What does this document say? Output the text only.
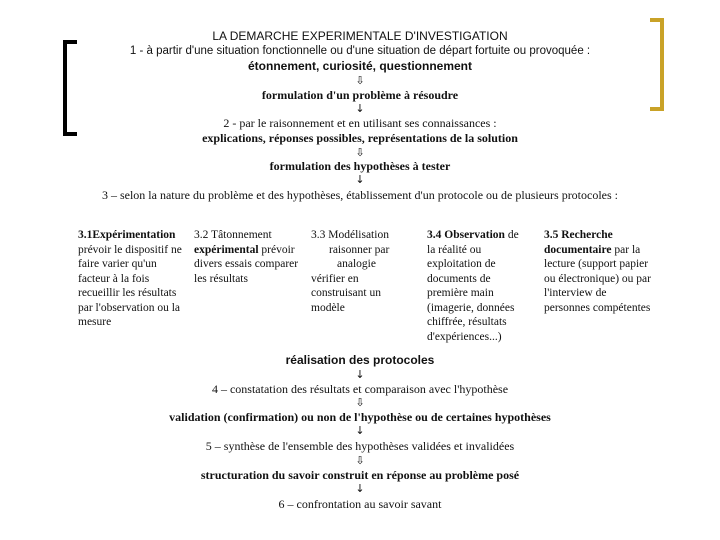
LA DEMARCHE EXPERIMENTALE D'INVESTIGATION
1 - à partir d'une situation fonctionnelle ou d'une situation de départ fortuite ou provoquée :
étonnement, curiosité, questionnement
⇩
formulation d'un problème à résoudre
↓
2 - par le raisonnement et en utilisant ses connaissances :
explications, réponses possibles, représentations de la solution
⇩
formulation des hypothèses à tester
↓
3 – selon la nature du problème et des hypothèses, établissement d'un protocole ou de plusieurs protocoles :
3.1Expérimentation prévoir le dispositif ne faire varier qu'un facteur à la fois recueillir les résultats par l'observation ou la mesure
3.2 Tâtonnement expérimental prévoir divers essais comparer les résultats
3.3 Modélisation
raisonner par
analogie
vérifier en construisant un modèle
3.4 Observation de la réalité ou exploitation de documents de première main (imagerie, données chiffrée, résultats d'expériences...)
3.5 Recherche documentaire par la lecture (support papier ou électronique) ou par l'interview de personnes compétentes
réalisation des protocoles
↓
4 – constatation des résultats et comparaison avec l'hypothèse
⇩
validation (confirmation) ou non de l'hypothèse ou de certaines hypothèses
↓
5 – synthèse de l'ensemble des hypothèses validées et invalidées
⇩
structuration du savoir construit en réponse au problème posé
↓
6 – confrontation au savoir savant
